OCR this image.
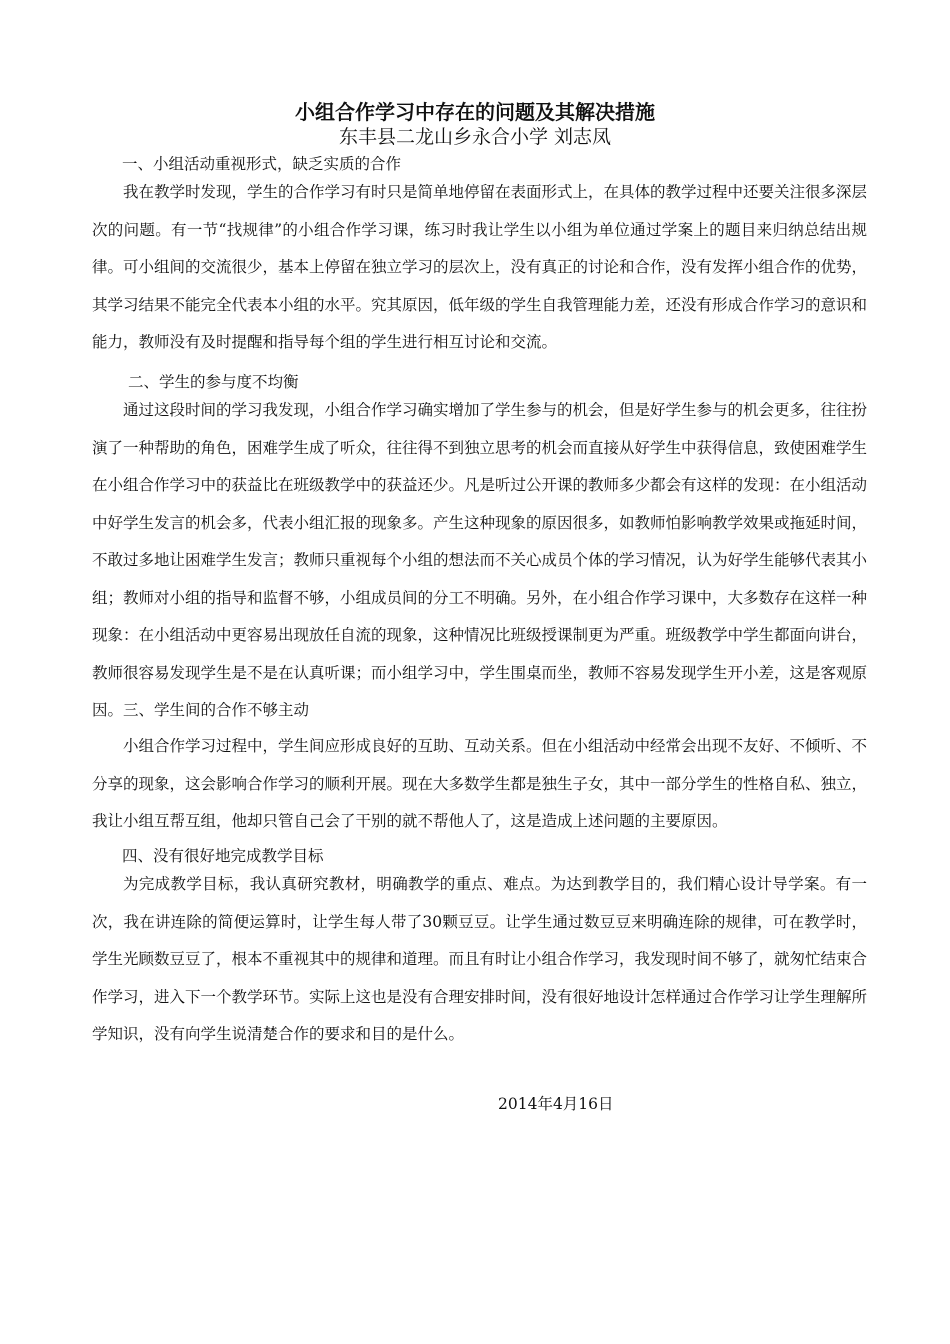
小组合作学习中存在的问题及其解决措施
东丰县二龙山乡永合小学 刘志凤
一、小组活动重视形式，缺乏实质的合作
我在教学时发现，学生的合作学习有时只是简单地停留在表面形式上，在具体的教学过程中还要关注很多深层次的问题。有一节“找规律”的小组合作学习课，练习时我让学生以小组为单位通过学案上的题目来归纳总结出规律。可小组间的交流很少，基本上停留在独立学习的层次上，没有真正的讨论和合作，没有发挥小组合作的优势，其学习结果不能完全代表本小组的水平。究其原因，低年级的学生自我管理能力差，还没有形成合作学习的意识和能力，教师没有及时提醒和指导每个组的学生进行相互讨论和交流。
二、学生的参与度不均衡
通过这段时间的学习我发现，小组合作学习确实增加了学生参与的机会，但是好学生参与的机会更多，往往扮演了一种帮助的角色，困难学生成了听众，往往得不到独立思考的机会而直接从好学生中获得信息，致使困难学生在小组合作学习中的获益比在班级教学中的获益还少。凡是听过公开课的教师多少都会有这样的发现：在小组活动中好学生发言的机会多，代表小组汇报的现象多。产生这种现象的原因很多，如教师怕影响教学效果或拖延时间，不敢过多地让困难学生发言；教师只重视每个小组的想法而不关心成员个体的学习情况，认为好学生能够代表其小组；教师对小组的指导和监督不够，小组成员间的分工不明确。另外，在小组合作学习课中，大多数存在这样一种现象：在小组活动中更容易出现放任自流的现象，这种情况比班级授课制更为严重。班级教学中学生都面向讲台，教师很容易发现学生是不是在认真听课；而小组学习中，学生围桌而坐，教师不容易发现学生开小差，这是客观原因。三、学生间的合作不够主动
小组合作学习过程中，学生间应形成良好的互助、互动关系。但在小组活动中经常会出现不友好、不倾听、不分享的现象，这会影响合作学习的顺利开展。现在大多数学生都是独生子女，其中一部分学生的性格自私、独立，我让小组互帮互组，他却只管自己会了干别的就不帮他人了，这是造成上述问题的主要原因。
四、没有很好地完成教学目标
为完成教学目标，我认真研究教材，明确教学的重点、难点。为达到教学目的，我们精心设计导学案。有一次，我在讲连除的简便运算时，让学生每人带了30颗豆豆。让学生通过数豆豆来明确连除的规律，可在教学时，学生光顾数豆豆了，根本不重视其中的规律和道理。而且有时让小组合作学习，我发现时间不够了，就匆忙结束合作学习，进入下一个教学环节。实际上这也是没有合理安排时间，没有很好地设计怎样通过合作学习让学生理解所学知识，没有向学生说清楚合作的要求和目的是什么。
2014年4月16日
